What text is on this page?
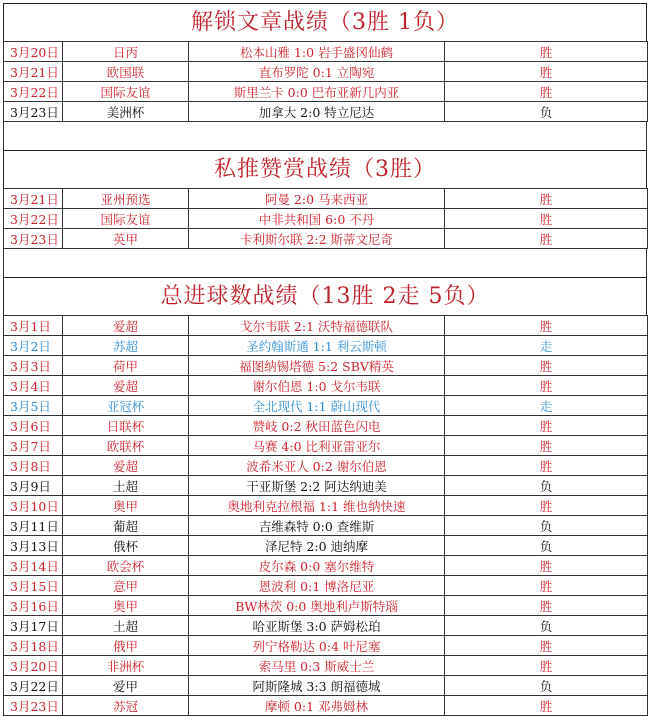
解锁文章战绩（3胜 1负）
3月20日	日丙	松本山雅 1:0 岩手盛冈仙鹤	胜
3月21日	欧国联	直布罗陀 0:1 立陶宛	胜
3月22日	国际友谊	斯里兰卡 0:0 巴布亚新几内亚	胜
3月23日	美洲杯	加拿大 2:0 特立尼达	负
私推赞赏战绩（3胜）
3月21日	亚州预选	阿曼 2:0 马来西亚	胜
3月22日	国际友谊	中非共和国 6:0 不丹	胜
3月23日	英甲	卡利斯尔联 2:2 斯蒂文尼奇	胜
总进球数战绩（13胜 2走 5负）
3月1日	爱超	戈尔韦联 2:1 沃特福德联队	胜
3月2日	苏超	圣约翰斯通 1:1 利云斯顿	走
3月3日	荷甲	福图纳锡塔德 5:2 SBV精英	胜
3月4日	爱超	谢尔伯恩 1:0 戈尔韦联	胜
3月5日	亚冠杯	全北现代 1:1 蔚山现代	走
3月6日	日联杯	赞岐 0:2 秋田蓝色闪电	胜
3月7日	欧联杯	马赛 4:0 比利亚雷亚尔	胜
3月8日	爱超	波希米亚人 0:2 谢尔伯恩	胜
3月9日	土超	干亚斯堡 2:2 阿达纳迪美	负
3月10日	奥甲	奥地利克拉根福 1:1 维也纳快速	胜
3月11日	葡超	吉维森特 0:0 查维斯	负
3月13日	俄杯	泽尼特 2:0 迪纳摩	负
3月14日	欧会杯	皮尔森 0:0 塞尔维特	胜
3月15日	意甲	恩波利 0:1 博洛尼亚	胜
3月16日	奥甲	BW林茨 0:0 奥地利卢斯特瑙	胜
3月17日	土超	哈亚斯堡 3:0 萨姆松珀	负
3月18日	俄甲	列宁格勒达 0:4 叶尼塞	胜
3月20日	非洲杯	索马里 0:3 斯威士兰	胜
3月22日	爱甲	阿斯隆城 3:3 朗福德城	负
3月23日	苏冠	摩顿 0:1 邓弗姆林	胜
